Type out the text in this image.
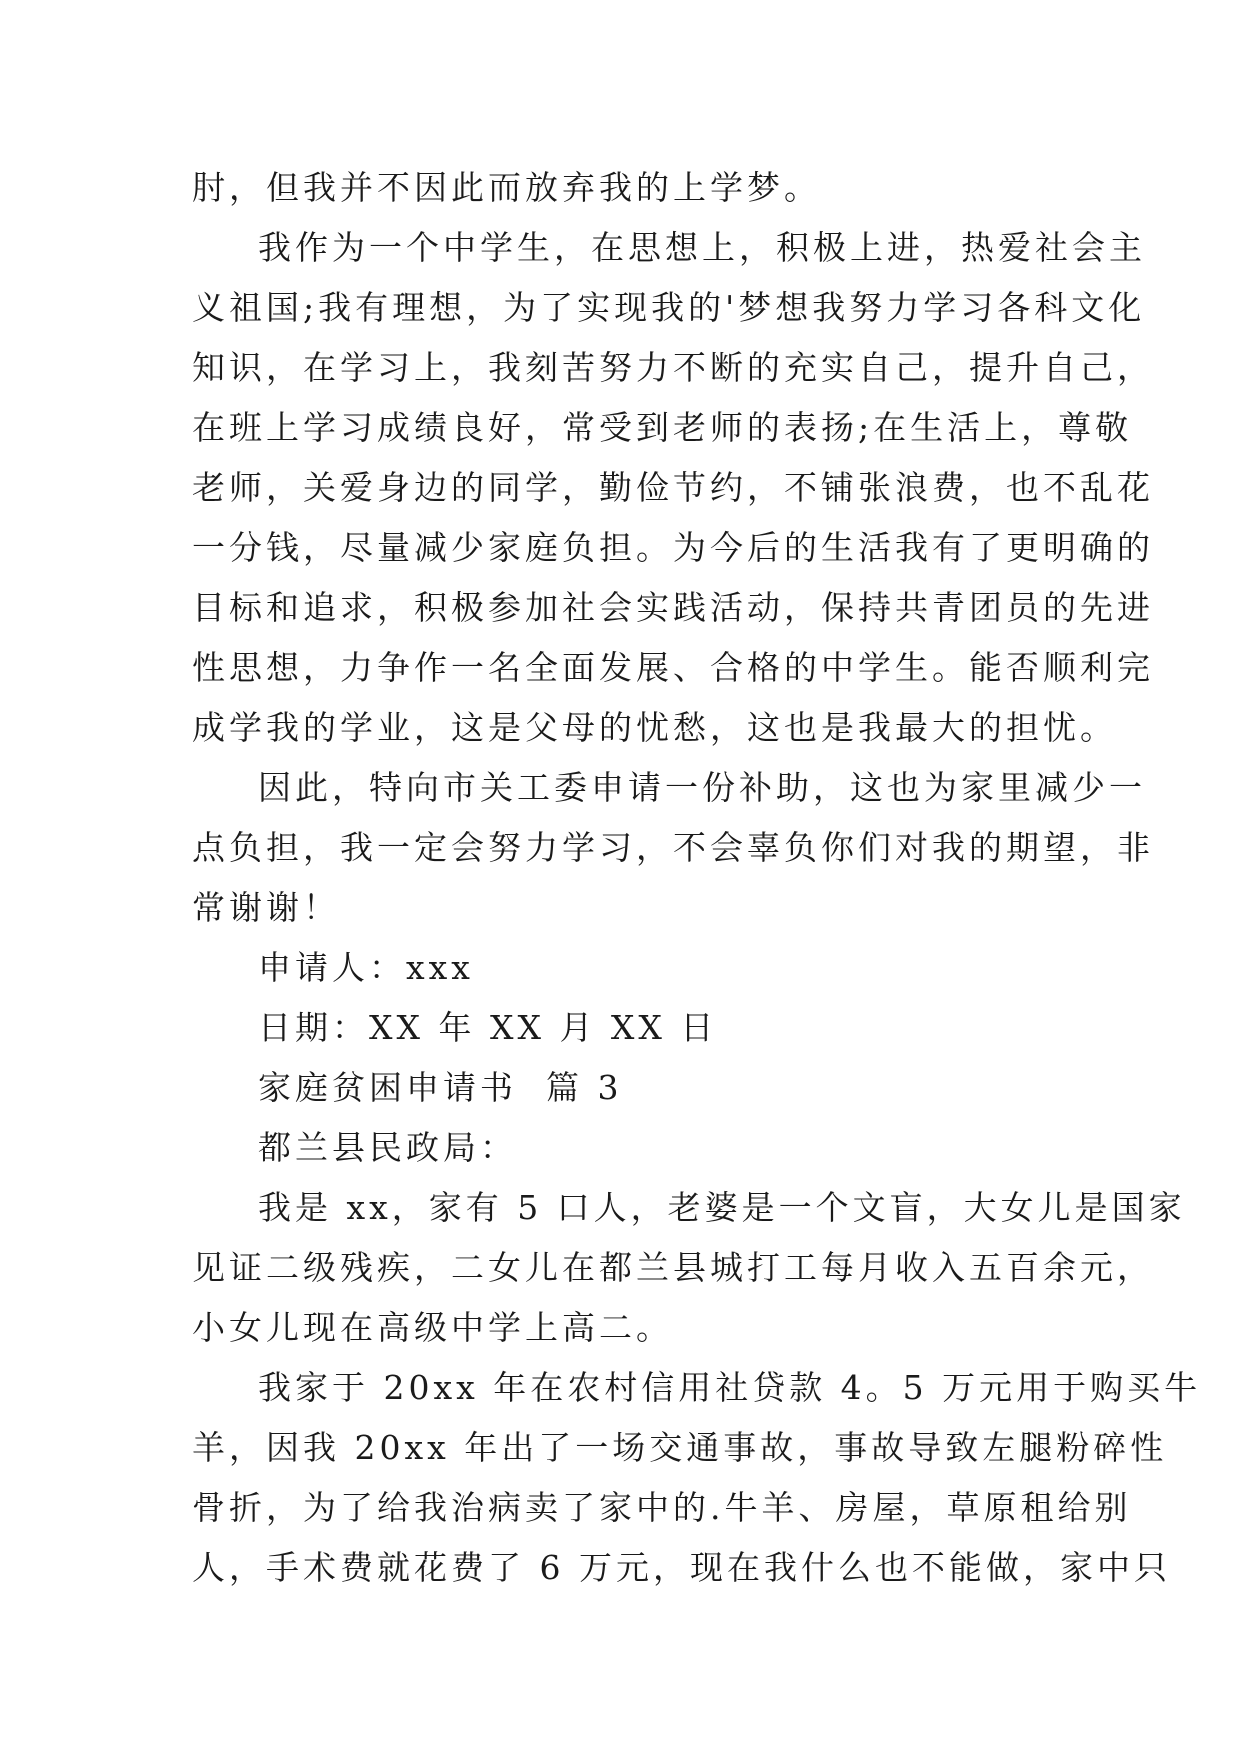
肘，但我并不因此而放弃我的上学梦。

我作为一个中学生，在思想上，积极上进，热爱社会主

义祖国;我有理想，为了实现我的'梦想我努力学习各科文化

知识，在学习上，我刻苦努力不断的充实自己，提升自己，

在班上学习成绩良好，常受到老师的表扬;在生活上，尊敬

老师，关爱身边的同学，勤俭节约，不铺张浪费，也不乱花

一分钱，尽量减少家庭负担。为今后的生活我有了更明确的

目标和追求，积极参加社会实践活动，保持共青团员的先进

性思想，力争作一名全面发展、合格的中学生。能否顺利完

成学我的学业，这是父母的忧愁，这也是我最大的担忧。

因此，特向市关工委申请一份补助，这也为家里减少一

点负担，我一定会努力学习，不会辜负你们对我的期望，非

常谢谢！

申请人：xxx

日期：XX 年 XX 月 XX 日

家庭贫困申请书  篇 3

都兰县民政局：

我是 xx，家有 5 口人，老婆是一个文盲，大女儿是国家

见证二级残疾，二女儿在都兰县城打工每月收入五百余元，

小女儿现在高级中学上高二。

我家于 20xx 年在农村信用社贷款 4。5 万元用于购买牛

羊，因我 20xx 年出了一场交通事故，事故导致左腿粉碎性

骨折，为了给我治病卖了家中的.牛羊、房屋，草原租给别

人，手术费就花费了 6 万元，现在我什么也不能做，家中只
